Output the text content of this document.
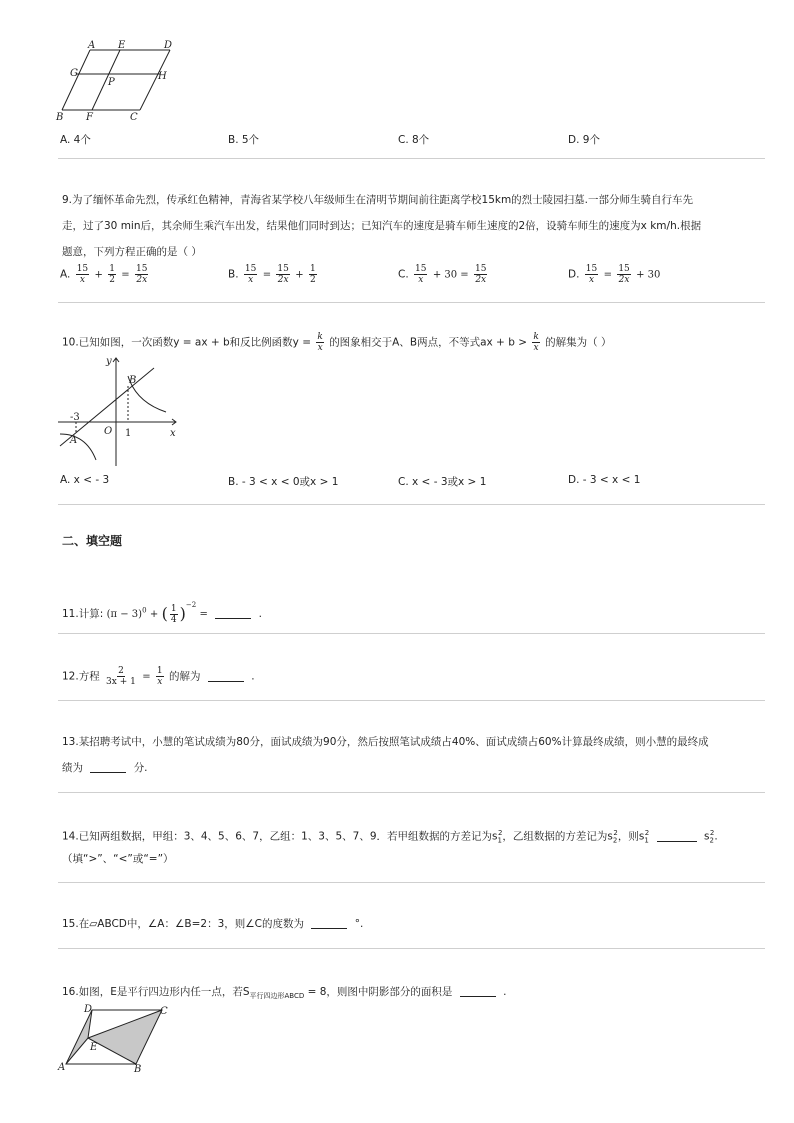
A E	D
G
P
H
B F	C
A. 4个	B. 5个	C. 8个	D. 9个
9.为了缅怀革命先烈，传承红色精神，青海省某学校八年级师生在清明节期间前往距离学校15km的烈士陵园扫墓.一部分师生骑自行车先
走，过了30 min后，其余师生乘汽车出发，结果他们同时到达；已知汽车的速度是骑车师生速度的2倍，设骑车师生的速度为x km/h.根据
题意，下列方程正确的是（ ）
A. $\frac{15}{x} + \frac{1}{2} = \frac{15}{2x}$	B. $\frac{15}{x} = \frac{15}{2x} + \frac{1}{2}$	C. $\frac{15}{x} + 30 = \frac{15}{2x}$	D. $\frac{15}{x} = \frac{15}{2x} + 30$
10.已知如图，一次函数y = ax + b和反比例函数$y = \frac{k}{x}$ 的图象相交于A、B两点，不等式ax + $b > \frac{k}{x}$ 的解集为（ ）
y
x
B
A
O
-3
1
A. x < - 3	B. - 3 < x < 0或x > 1	C. x < - 3或x > 1	D. - 3 < x < 1
二、填空题
11.计算: $(\pi - 3)^0$ + ( $\frac{1}{4} )^{-2}$ =	.
12.方程 $\frac{2}{3x + 1} = \frac{1}{x}$ 的解为	.
13.某招聘考试中，小慧的笔试成绩为80分，面试成绩为90分，然后按照笔试成绩占40%、面试成绩占60%计算最终成绩，则小慧的最终成
绩为	分.
14.已知两组数据，甲组：3、4、5、6、7，乙组：1、3、5、7、9．若甲组数据的方差记为$s_1^2$，乙组数据的方差记为$s_2^2$，则$s_1^2$	$s_2^2$.
（填“>”、“<”或“=”）
15.在▱ABCD中，∠A：∠B=2：3，则∠C的度数为	°.
16.如图，E是平行四边形内任一点，若$S_{平行四边形ABCD} = 8$，则图中阴影部分的面积是	.
D	C
E
A	B
